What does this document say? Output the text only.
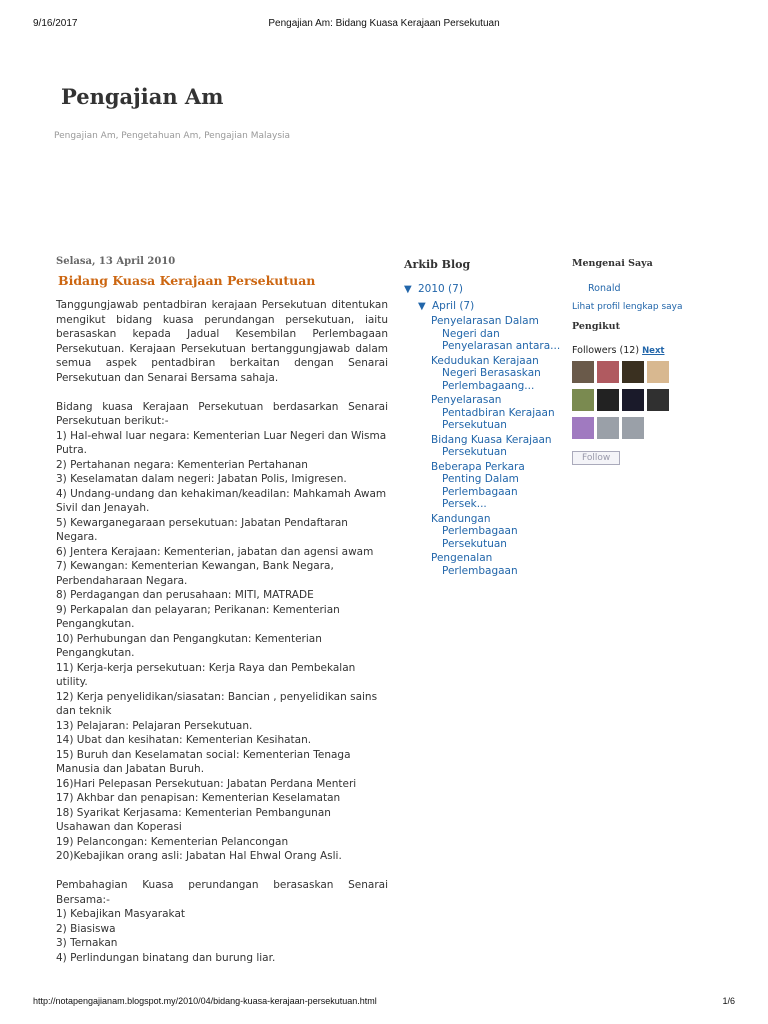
9/16/2017	Pengajian Am: Bidang Kuasa Kerajaan Persekutuan
Pengajian Am
Pengajian Am, Pengetahuan Am, Pengajian Malaysia
Selasa, 13 April 2010
Bidang Kuasa Kerajaan Persekutuan

Tanggungjawab pentadbiran kerajaan Persekutuan ditentukan mengikut bidang kuasa perundangan persekutuan, iaitu berasaskan kepada Jadual Kesembilan Perlembagaan Persekutuan. Kerajaan Persekutuan bertanggungjawab dalam semua aspek pentadbiran berkaitan dengan Senarai Persekutuan dan Senarai Bersama sahaja.

Bidang kuasa Kerajaan Persekutuan berdasarkan Senarai Persekutuan berikut:-

1) Hal-ehwal luar negara: Kementerian Luar Negeri dan Wisma Putra.
2) Pertahanan negara: Kementerian Pertahanan
3) Keselamatan dalam negeri: Jabatan Polis, Imigresen.
4) Undang-undang dan kehakiman/keadilan: Mahkamah Awam Sivil dan Jenayah.
5) Kewarganegaraan persekutuan: Jabatan Pendaftaran Negara.
6) Jentera Kerajaan: Kementerian, jabatan dan agensi awam
7) Kewangan: Kementerian Kewangan, Bank Negara, Perbendaharaan Negara.
8) Perdagangan dan perusahaan: MITI, MATRADE
9) Perkapalan dan pelayaran; Perikanan: Kementerian Pengangkutan.
10) Perhubungan dan Pengangkutan: Kementerian Pengangkutan.
11) Kerja-kerja persekutuan: Kerja Raya dan Pembekalan utility.
12) Kerja penyelidikan/siasatan: Bancian , penyelidikan sains dan teknik
13) Pelajaran: Pelajaran Persekutuan.
14) Ubat dan kesihatan: Kementerian Kesihatan.
15) Buruh dan Keselamatan social: Kementerian Tenaga Manusia dan Jabatan Buruh.
16)Hari Pelepasan Persekutuan: Jabatan Perdana Menteri
17) Akhbar dan penapisan: Kementerian Keselamatan
18) Syarikat Kerjasama: Kementerian Pembangunan Usahawan dan Koperasi
19) Pelancongan: Kementerian Pelancongan
20)Kebajikan orang asli: Jabatan Hal Ehwal Orang Asli.

Pembahagian Kuasa perundangan berasaskan Senarai Bersama:-

1) Kebajikan Masyarakat
2) Biasiswa
3) Ternakan
4) Perlindungan binatang dan burung liar.
Arkib Blog
▼ 2010 (7)
▼ April (7)
Penyelarasan Dalam Negeri dan Penyelarasan antara...
Kedudukan Kerajaan Negeri Berasaskan Perlembagaang...
Penyelarasan Pentadbiran Kerajaan Persekutuan
Bidang Kuasa Kerajaan Persekutuan
Beberapa Perkara Penting Dalam Perlembagaan Persek...
Kandungan Perlembagaan Persekutuan
Pengenalan Perlembagaan
Mengenai Saya
Ronald
Lihat profil lengkap saya
Pengikut
Followers (12) Next
Follow
http://notapengajianam.blogspot.my/2010/04/bidang-kuasa-kerajaan-persekutuan.html	1/6
